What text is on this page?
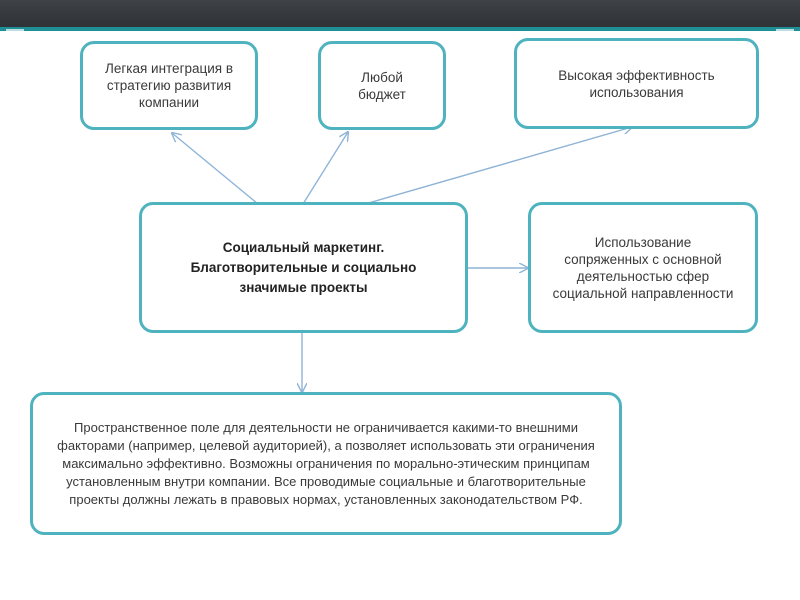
Легкая интеграция в стратегию развития компании
Любой бюджет
Высокая эффективность использования
Социальный маркетинг. Благотворительные и социально значимые проекты
Использование сопряженных с основной деятельностью сфер социальной направленности
Пространственное поле для деятельности не ограничивается какими-то внешними факторами (например, целевой аудиторией), а позволяет использовать эти ограничения максимально эффективно. Возможны ограничения по морально-этическим принципам установленным внутри компании. Все проводимые социальные и благотворительные проекты должны лежать в правовых нормах, установленных законодательством РФ.
